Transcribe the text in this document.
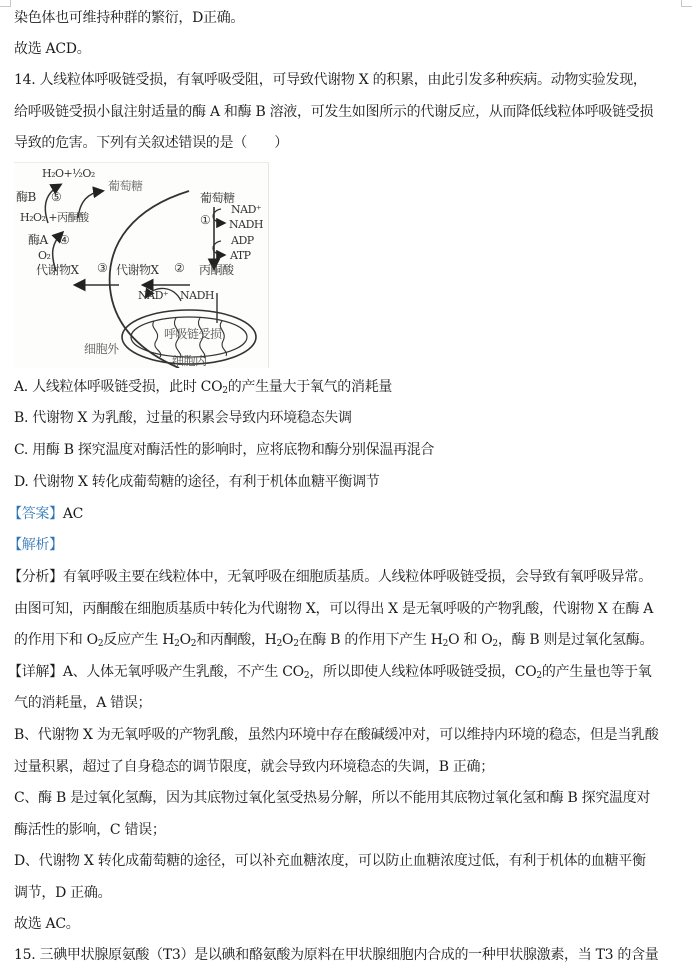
染色体也可维持种群的繁衍，D正确。
故选 ACD。
14. 人线粒体呼吸链受损，有氧呼吸受阻，可导致代谢物 X 的积累，由此引发多种疾病。动物实验发现，
给呼吸链受损小鼠注射适量的酶 A 和酶 B 溶液，可发生如图所示的代谢反应，从而降低线粒体呼吸链受损
导致的危害。下列有关叙述错误的是（　　）
H₂O+½O₂
葡萄糖
酶B ⑤
H₂O₂ +丙酮酸
酶A ④
O₂
代谢物X ③ 代谢物X ② 丙酮酸
葡萄糖
①
NAD⁺
NADH
ADP
ATP
NAD⁺ NADH
呼吸链受损
细胞外
细胞内
A. 人线粒体呼吸链受损，此时 $CO_2$的产生量大于氧气的消耗量
B. 代谢物 X 为乳酸，过量的积累会导致内环境稳态失调
C. 用酶 B 探究温度对酶活性的影响时，应将底物和酶分别保温再混合
D. 代谢物 X 转化成葡萄糖的途径，有利于机体血糖平衡调节
【答案】AC
【解析】
【分析】有氧呼吸主要在线粒体中，无氧呼吸在细胞质基质。人线粒体呼吸链受损，会导致有氧呼吸异常。
由图可知，丙酮酸在细胞质基质中转化为代谢物 X，可以得出 X 是无氧呼吸的产物乳酸，代谢物 X 在酶 A
的作用下和 $O_2$反应产生 $H_2O_2$和丙酮酸，$H_2O_2$在酶 B 的作用下产生 $H_2O$ 和 $O_2$，酶 B 则是过氧化氢酶。
【详解】A、人体无氧呼吸产生乳酸，不产生 $CO_2$，所以即使人线粒体呼吸链受损，$CO_2$的产生量也等于氧
气的消耗量，A 错误；
B、代谢物 X 为无氧呼吸的产物乳酸，虽然内环境中存在酸碱缓冲对，可以维持内环境的稳态，但是当乳酸
过量积累，超过了自身稳态的调节限度，就会导致内环境稳态的失调，B 正确；
C、酶 B 是过氧化氢酶，因为其底物过氧化氢受热易分解，所以不能用其底物过氧化氢和酶 B 探究温度对
酶活性的影响，C 错误；
D、代谢物 X 转化成葡萄糖的途径，可以补充血糖浓度，可以防止血糖浓度过低，有利于机体的血糖平衡
调节，D 正确。
故选 AC。
15. 三碘甲状腺原氨酸（T3）是以碘和酪氨酸为原料在甲状腺细胞内合成的一种甲状腺激素，当 T3 的含量
